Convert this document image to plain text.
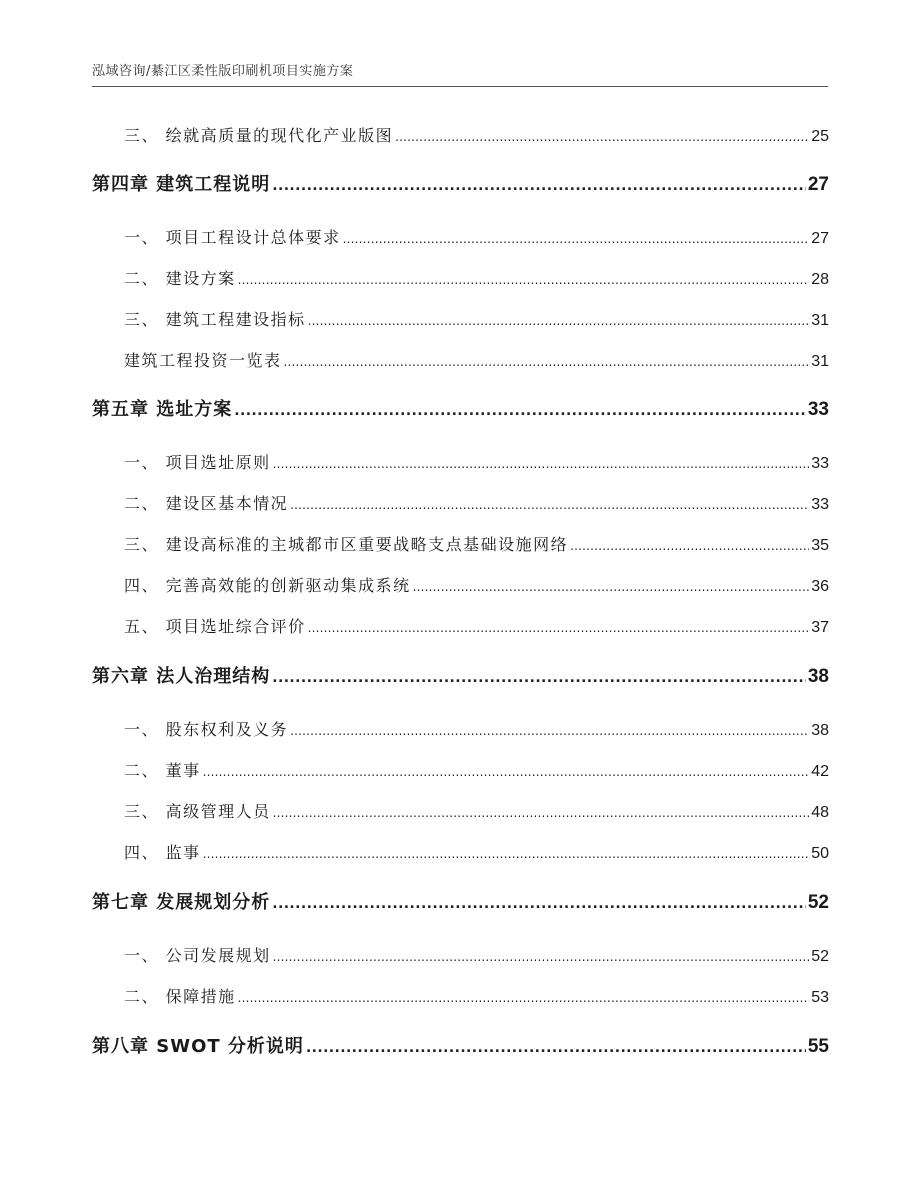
泓域咨询/綦江区柔性版印刷机项目实施方案
三、 绘就高质量的现代化产业版图 .....	25
第四章 建筑工程说明 .....	27
一、 项目工程设计总体要求 .....	27
二、 建设方案 .....	28
三、 建筑工程建设指标 .....	31
建筑工程投资一览表 .....	31
第五章 选址方案 .....	33
一、 项目选址原则 .....	33
二、 建设区基本情况 .....	33
三、 建设高标准的主城都市区重要战略支点基础设施网络 .....	35
四、 完善高效能的创新驱动集成系统 .....	36
五、 项目选址综合评价 .....	37
第六章 法人治理结构 .....	38
一、 股东权利及义务 .....	38
二、 董事 .....	42
三、 高级管理人员 .....	48
四、 监事 .....	50
第七章 发展规划分析 .....	52
一、 公司发展规划 .....	52
二、 保障措施 .....	53
第八章 SWOT 分析说明 .....	55
